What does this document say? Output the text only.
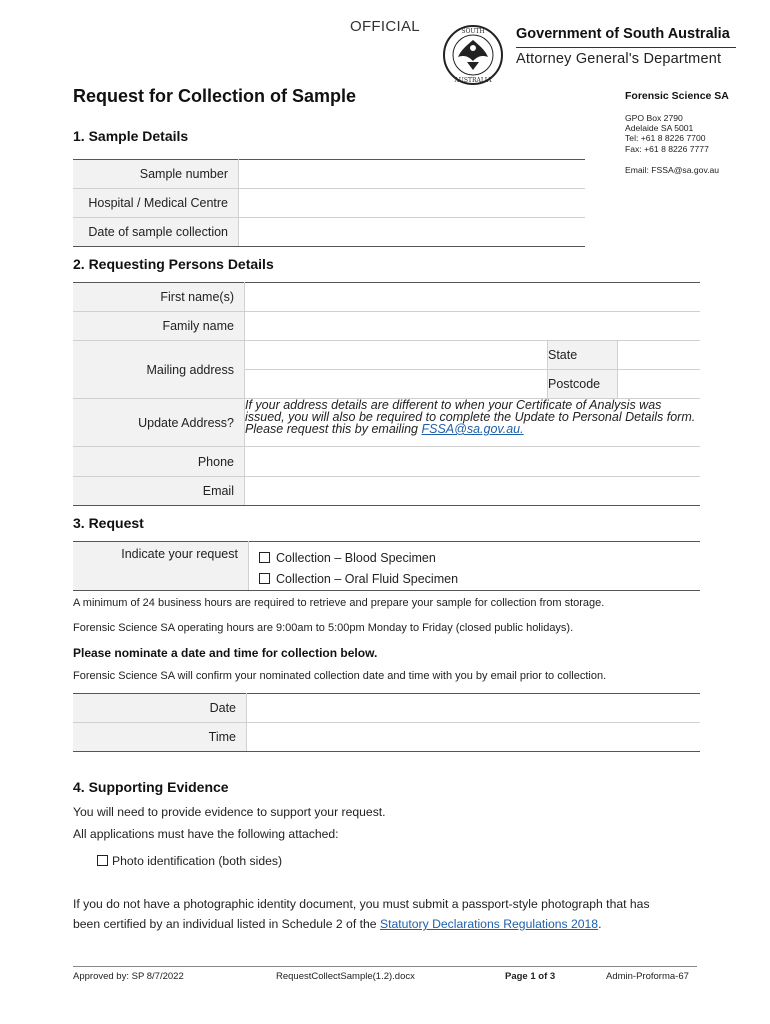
OFFICIAL	SOUTH
AUSTRALIA
Government of South Australia
Attorney General's Department
Request for Collection of Sample	Forensic Science SA
GPO Box 2790
Adelaide SA 5001
Tel: +61 8 8226 7700
Fax: +61 8 8226 7777
Email: FSSA@sa.gov.au
1. Sample Details
Sample number	
Hospital / Medical Centre	
Date of sample collection	
2. Requesting Persons Details
First name(s)			
Family name			
Mailing address		State	
		Postcode	
Update Address?	If your address details are different to when your Certificate of Analysis was issued, you will also be required to complete the Update to Personal Details form. Please request this by emailing FSSA@sa.gov.au.		
Phone			
Email			
3. Request
Indicate your request	Collection – Blood Specimen
Collection – Oral Fluid Specimen
A minimum of 24 business hours are required to retrieve and prepare your sample for collection from storage.
Forensic Science SA operating hours are 9:00am to 5:00pm Monday to Friday (closed public holidays).
Please nominate a date and time for collection below.
Forensic Science SA will confirm your nominated collection date and time with you by email prior to collection.
Date	
Time	
4. Supporting Evidence
You will need to provide evidence to support your request.
All applications must have the following attached:
Photo identification (both sides)
If you do not have a photographic identity document, you must submit a passport-style photograph that has
been certified by an individual listed in Schedule 2 of the Statutory Declarations Regulations 2018.
Approved by: SP 8/7/2022	RequestCollectSample(1.2).docx	Page 1 of 3	Admin-Proforma-67
